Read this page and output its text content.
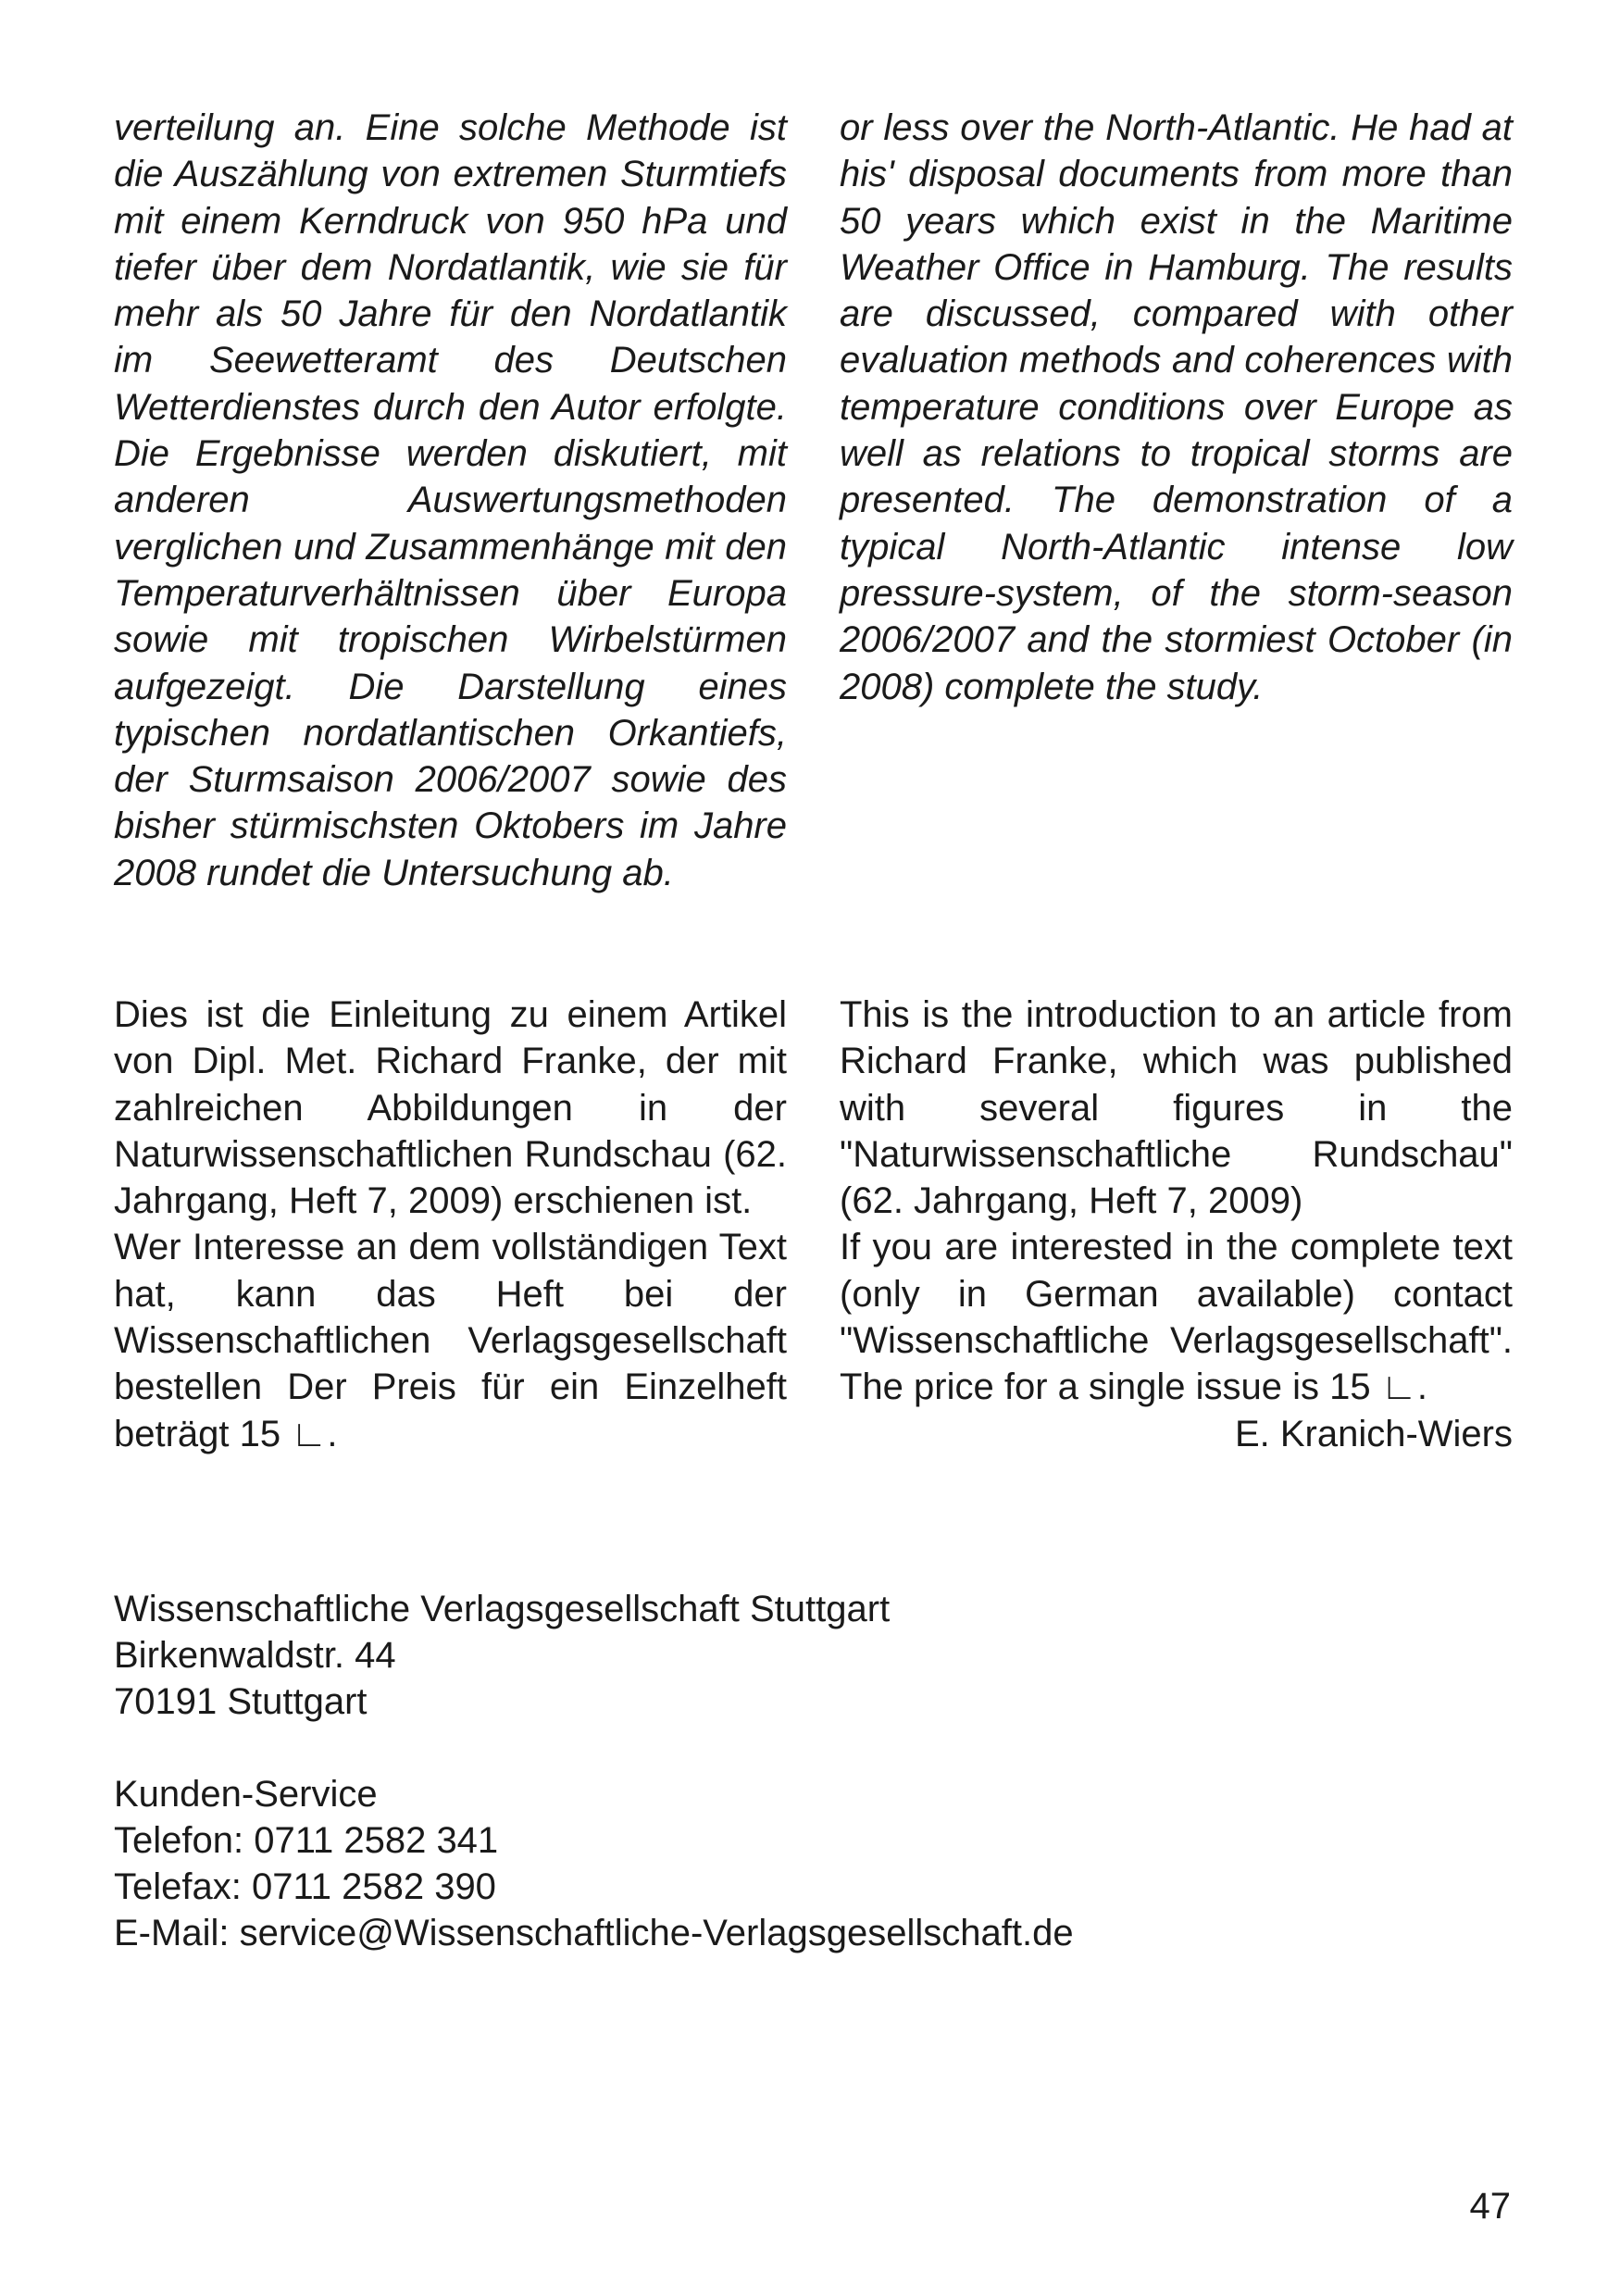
verteilung an. Eine solche Methode ist die Auszählung von extremen Sturmtiefs mit einem Kerndruck von 950 hPa und tiefer über dem Nordatlantik, wie sie für mehr als 50 Jahre für den Nordatlantik im Seewetteramt des Deutschen Wetterdienstes durch den Autor erfolgte. Die Ergebnisse werden diskutiert, mit anderen Auswertungsmethoden verglichen und Zusammenhänge mit den Temperaturverhältnissen über Europa sowie mit tropischen Wirbelstürmen aufgezeigt. Die Darstellung eines typischen nordatlantischen Orkantiefs, der Sturmsaison 2006/2007 sowie des bisher stürmischsten Oktobers im Jahre 2008 rundet die Untersuchung ab.

or less over the North-Atlantic. He had at his' disposal documents from more than 50 years which exist in the Maritime Weather Office in Hamburg. The results are discussed, compared with other evaluation methods and coherences with temperature conditions over Europe as well as relations to tropical storms are presented. The demonstration of a typical North-Atlantic intense low pressure-system, of the storm-season 2006/2007 and the stormiest October (in 2008) complete the study.

Dies ist die Einleitung zu einem Artikel von Dipl. Met. Richard Franke, der mit zahlreichen Abbildungen in der Naturwissenschaftlichen Rundschau (62. Jahrgang, Heft 7, 2009) erschienen ist.

Wer Interesse an dem vollständigen Text hat, kann das Heft bei der Wissenschaftlichen Verlagsgesellschaft bestellen Der Preis für ein Einzelheft beträgt 15 ∟.

This is the introduction to an article from Richard Franke, which was published with several figures in the "Naturwissenschaftliche Rundschau" (62. Jahrgang, Heft 7, 2009)

If you are interested in the complete text (only in German available) contact "Wissenschaftliche Verlagsgesellschaft". The price for a single issue is 15 ∟.

E. Kranich-Wiers

Wissenschaftliche Verlagsgesellschaft Stuttgart
Birkenwaldstr. 44
70191 Stuttgart
Kunden-Service
Telefon: 0711 2582 341
Telefax: 0711 2582 390
E-Mail: service@Wissenschaftliche-Verlagsgesellschaft.de
47
